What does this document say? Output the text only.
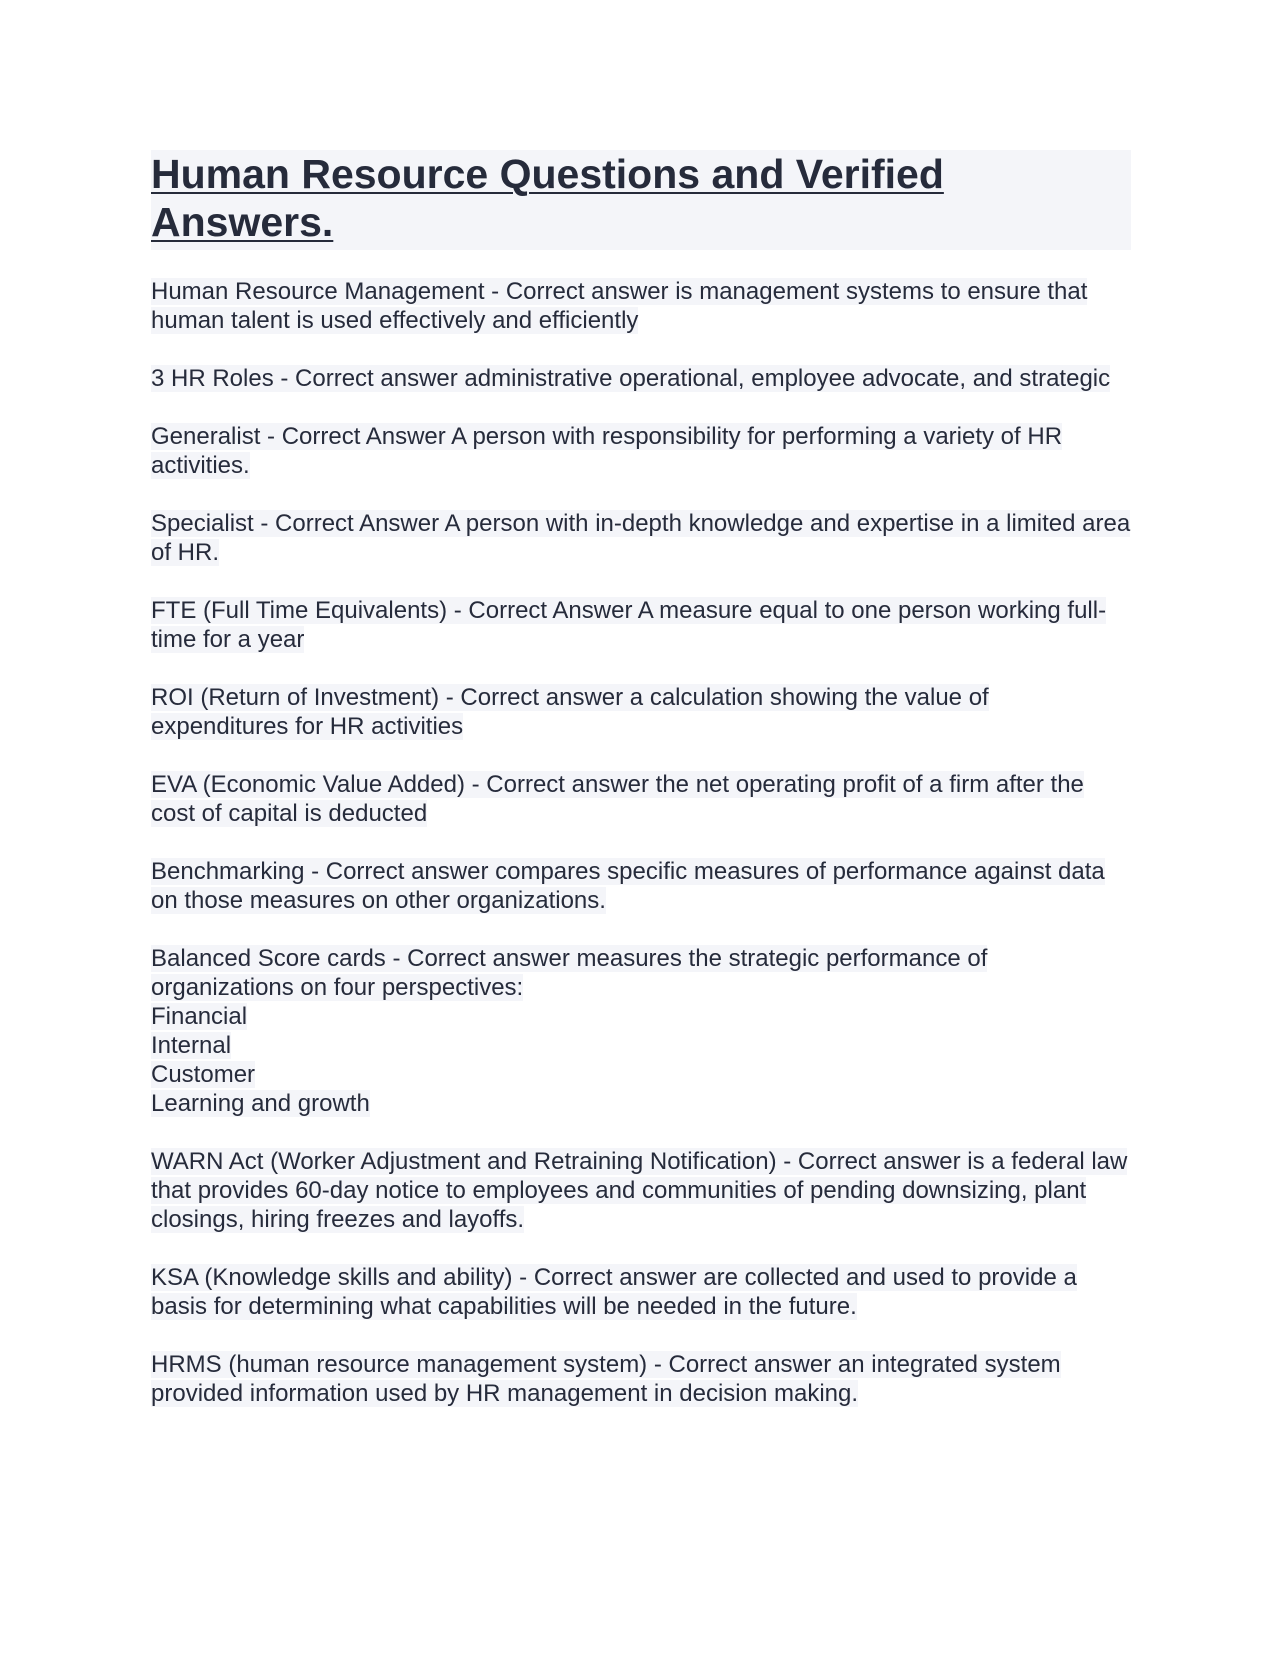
Human Resource Questions and Verified Answers.

Human Resource Management - Correct answer is management systems to ensure that human talent is used effectively and efficiently

3 HR Roles - Correct answer administrative operational, employee advocate, and strategic

Generalist - Correct Answer A person with responsibility for performing a variety of HR activities.

Specialist - Correct Answer A person with in-depth knowledge and expertise in a limited area of HR.

FTE (Full Time Equivalents) - Correct Answer A measure equal to one person working full-time for a year

ROI (Return of Investment) - Correct answer a calculation showing the value of expenditures for HR activities

EVA (Economic Value Added) - Correct answer the net operating profit of a firm after the cost of capital is deducted

Benchmarking - Correct answer compares specific measures of performance against data on those measures on other organizations.

Balanced Score cards - Correct answer measures the strategic performance of organizations on four perspectives:
Financial
Internal
Customer
Learning and growth

WARN Act (Worker Adjustment and Retraining Notification) - Correct answer is a federal law that provides 60-day notice to employees and communities of pending downsizing, plant closings, hiring freezes and layoffs.

KSA (Knowledge skills and ability) - Correct answer are collected and used to provide a basis for determining what capabilities will be needed in the future.

HRMS (human resource management system) - Correct answer an integrated system provided information used by HR management in decision making.
